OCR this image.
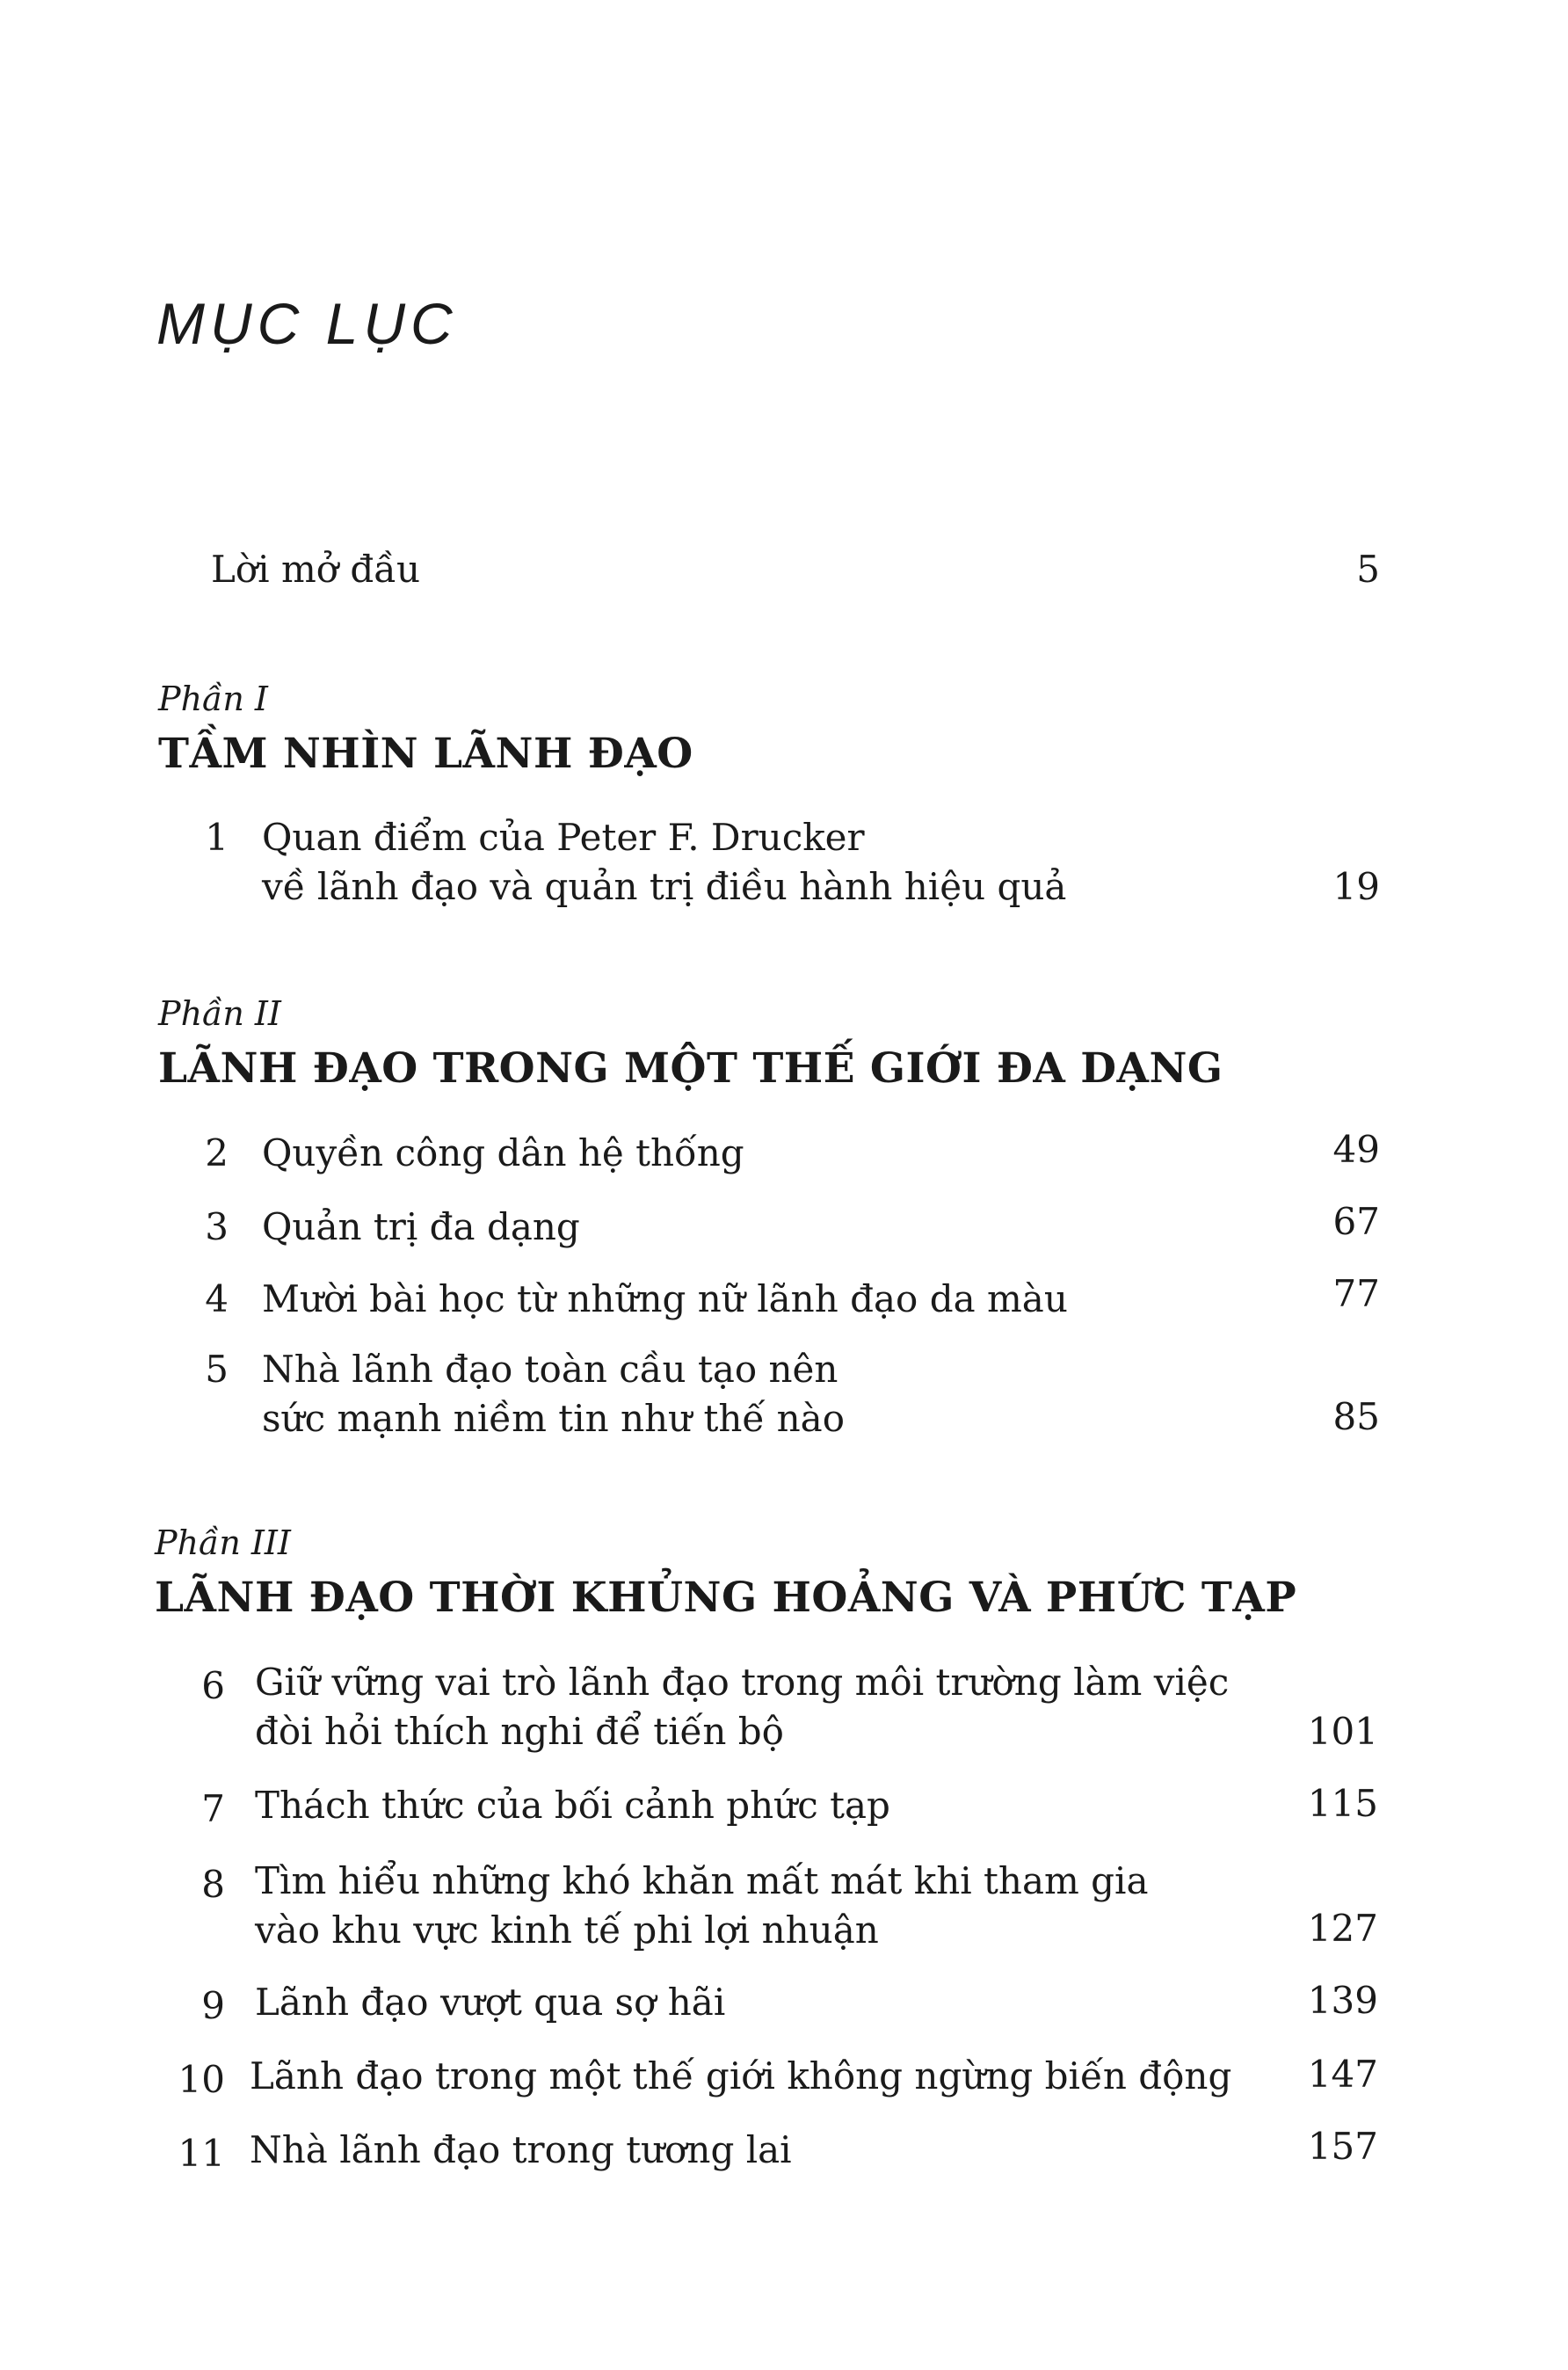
MỤC LỤC
Lời mở đầu	5
Phần I
TẦM NHÌN LÃNH ĐẠO
1 Quan điểm của Peter F. Drucker
về lãnh đạo và quản trị điều hành hiệu quả	19
Phần II
LÃNH ĐẠO TRONG MỘT THẾ GIỚI ĐA DẠNG
2 Quyền công dân hệ thống	49
3 Quản trị đa dạng	67
4 Mười bài học từ những nữ lãnh đạo da màu	77
5 Nhà lãnh đạo toàn cầu tạo nên
sức mạnh niềm tin như thế nào	85
Phần III
LÃNH ĐẠO THỜI KHỦNG HOẢNG VÀ PHỨC TẠP
6 Giữ vững vai trò lãnh đạo trong môi trường làm việc
đòi hỏi thích nghi để tiến bộ	101
7 Thách thức của bối cảnh phức tạp	115
8 Tìm hiểu những khó khăn mất mát khi tham gia
vào khu vực kinh tế phi lợi nhuận	127
9 Lãnh đạo vượt qua sợ hãi	139
10 Lãnh đạo trong một thế giới không ngừng biến động	147
11 Nhà lãnh đạo trong tương lai	157
